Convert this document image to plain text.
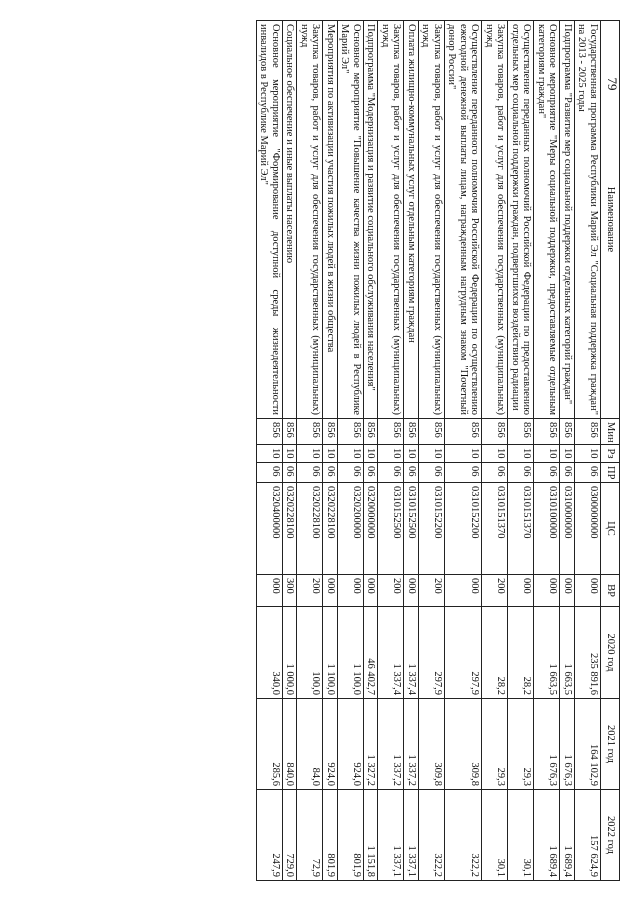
79
Наименование	Мин	Рз	ПР	ЦС	ВР	2020 год	2021 год	2022 год
Государственная программа Республики Марий Эл "Социальная поддержка граждан" на 2013 - 2025 годы	856	10	06	0300000000	000	235 891,6	164 102,9	157 624,9
Подпрограмма "Развитие мер социальной поддержки отдельных категорий граждан"	856	10	06	0310000000	000	1 663,5	1 676,3	1 689,4
Основное мероприятие "Меры социальной поддержки, предоставляемые отдельным категориям граждан"	856	10	06	0310100000	000	1 663,5	1 676,3	1 689,4
Осуществление переданных полномочий Российской Федерации по предоставлению отдельных мер социальной поддержки граждан, подвергшихся воздействию радиации	856	10	06	0310151370	000	28,2	29,3	30,1
Закупка товаров, работ и услуг для обеспечения государственных (муниципальных) нужд	856	10	06	0310151370	200	28,2	29,3	30,1
Осуществление переданного полномочия Российской Федерации по осуществлению ежегодной денежной выплаты лицам, награжденным нагрудным знаком "Почетный донор России"	856	10	06	0310152200	000	297,9	309,8	322,2
Закупка товаров, работ и услуг для обеспечения государственных (муниципальных) нужд	856	10	06	0310152200	200	297,9	309,8	322,2
Оплата жилищно-коммунальных услуг отдельным категориям граждан	856	10	06	0310152500	000	1 337,4	1 337,2	1 337,1
Закупка товаров, работ и услуг для обеспечения государственных (муниципальных) нужд	856	10	06	0310152500	200	1 337,4	1 337,2	1 337,1
Подпрограмма "Модернизация и развитие социального обслуживания населения"	856	10	06	0320000000	000	46 402,7	1 327,2	1 151,8
Основное мероприятие "Повышение качества жизни пожилых людей в Республике Марий Эл"	856	10	06	0320200000	000	1 100,0	924,0	801,9
Мероприятия по активизации участия пожилых людей в жизни общества	856	10	06	0320228100	000	1 100,0	924,0	801,9
Закупка товаров, работ и услуг для обеспечения государственных (муниципальных) нужд	856	10	06	0320228100	200	100,0	84,0	72,9
Социальное обеспечение и иные выплаты населению	856	10	06	0320228100	300	1 000,0	840,0	729,0
Основное мероприятие "Формирование доступной среды жизнедеятельности инвалидов в Республике Марий Эл"	856	10	06	0320400000	000	340,0	285,6	247,9
